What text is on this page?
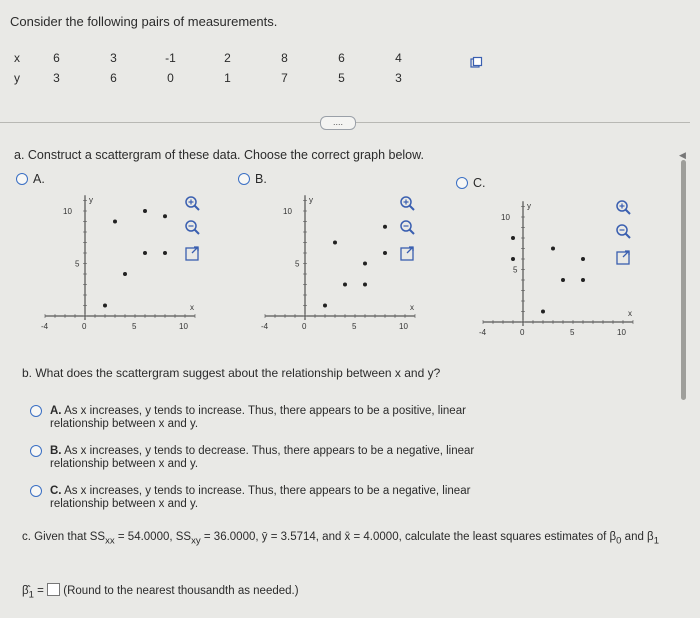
Consider the following pairs of measurements.
x	6	3	-1	2	8	6	4
y	3	6	0	1	7	5	3
....
a. Construct a scattergram of these data. Choose the correct graph below.
A.	B.	C.
10
5
-4	0	5	10
x
y
10
5
-4	0	5	10
x
y
10
5
-4	0	5	10
x
y
b. What does the scattergram suggest about the relationship between x and y?
A. As x increases, y tends to increase. Thus, there appears to be a positive, linear relationship between x and y.
B. As x increases, y tends to decrease. Thus, there appears to be a negative, linear relationship between x and y.
C. As x increases, y tends to increase. Thus, there appears to be a negative, linear relationship between x and y.
c. Given that $SS_{xx} = 54.0000$, $SS_{xy} = 36.0000$, ȳ = 3.5714, and x̄ = 4.0000, calculate the least squares estimates of $\beta_0$ and $\beta_1$
$\betâ_1$ = (Round to the nearest thousandth as needed.)
◀
